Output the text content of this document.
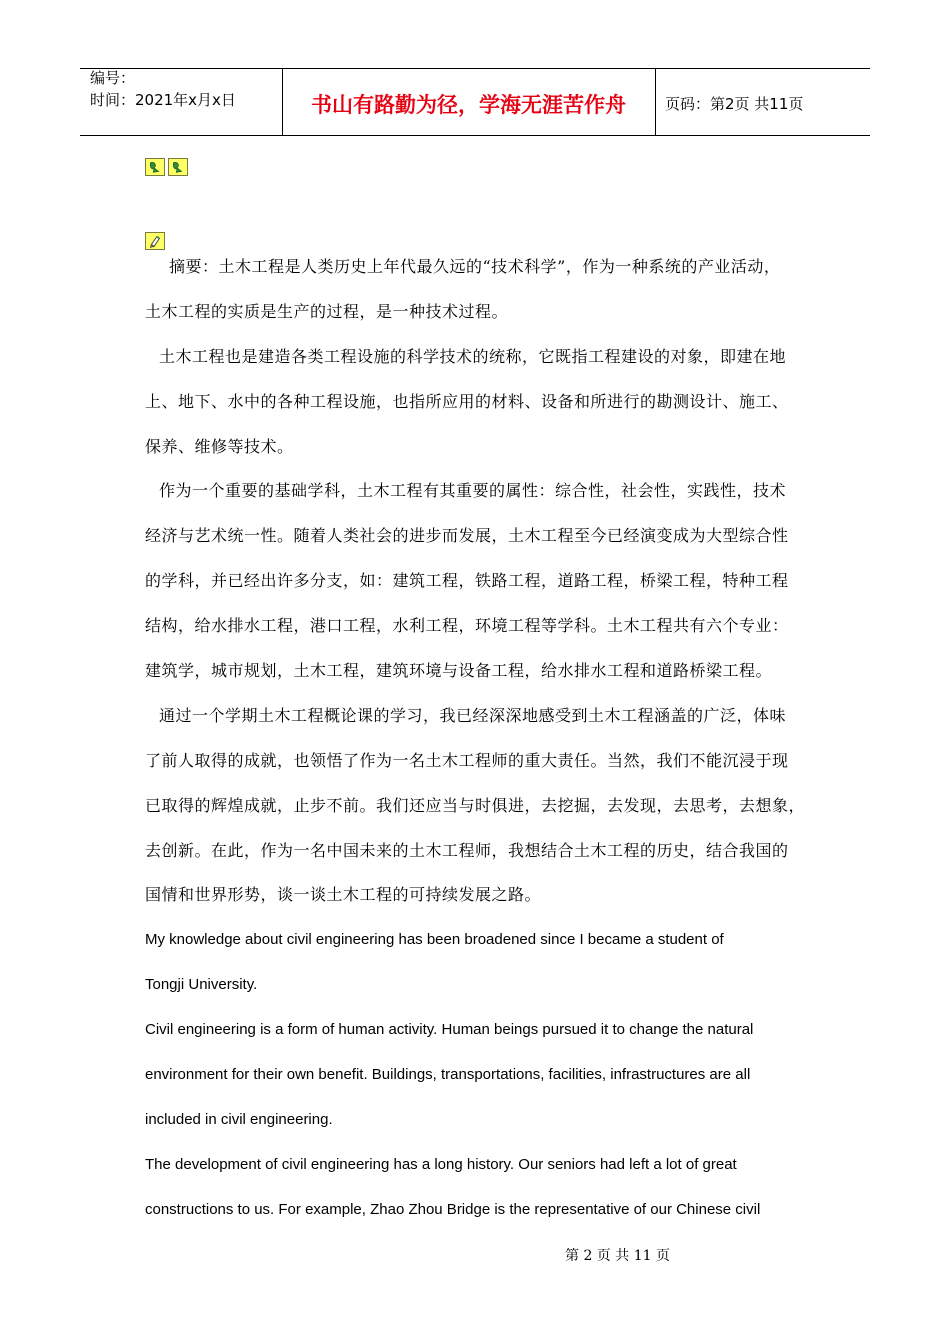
编号：
时间：2021年x月x日	书山有路勤为径，学海无涯苦作舟	页码：第2页 共11页
摘要：土木工程是人类历史上年代最久远的“技术科学”，作为一种系统的产业活动，
土木工程的实质是生产的过程，是一种技术过程。
土木工程也是建造各类工程设施的科学技术的统称，它既指工程建设的对象，即建在地
上、地下、水中的各种工程设施，也指所应用的材料、设备和所进行的勘测设计、施工、
保养、维修等技术。
作为一个重要的基础学科，土木工程有其重要的属性：综合性，社会性，实践性，技术
经济与艺术统一性。随着人类社会的进步而发展，土木工程至今已经演变成为大型综合性
的学科，并已经出许多分支，如：建筑工程，铁路工程，道路工程，桥梁工程，特种工程
结构，给水排水工程，港口工程，水利工程，环境工程等学科。土木工程共有六个专业：
建筑学，城市规划，土木工程，建筑环境与设备工程，给水排水工程和道路桥梁工程。
通过一个学期土木工程概论课的学习，我已经深深地感受到土木工程涵盖的广泛，体味
了前人取得的成就，也领悟了作为一名土木工程师的重大责任。当然，我们不能沉浸于现
已取得的辉煌成就，止步不前。我们还应当与时俱进，去挖掘，去发现，去思考，去想象，
去创新。在此，作为一名中国未来的土木工程师，我想结合土木工程的历史，结合我国的
国情和世界形势，谈一谈土木工程的可持续发展之路。
My knowledge about civil engineering has been broadened since I became a student of
Tongji University.
Civil engineering is a form of human activity. Human beings pursued it to change the natural
environment for their own benefit. Buildings, transportations, facilities, infrastructures are all
included in civil engineering.
The development of civil engineering has a long history. Our seniors had left a lot of great
constructions to us. For example, Zhao Zhou Bridge is the representative of our Chinese civil
第 2 页 共 11 页
